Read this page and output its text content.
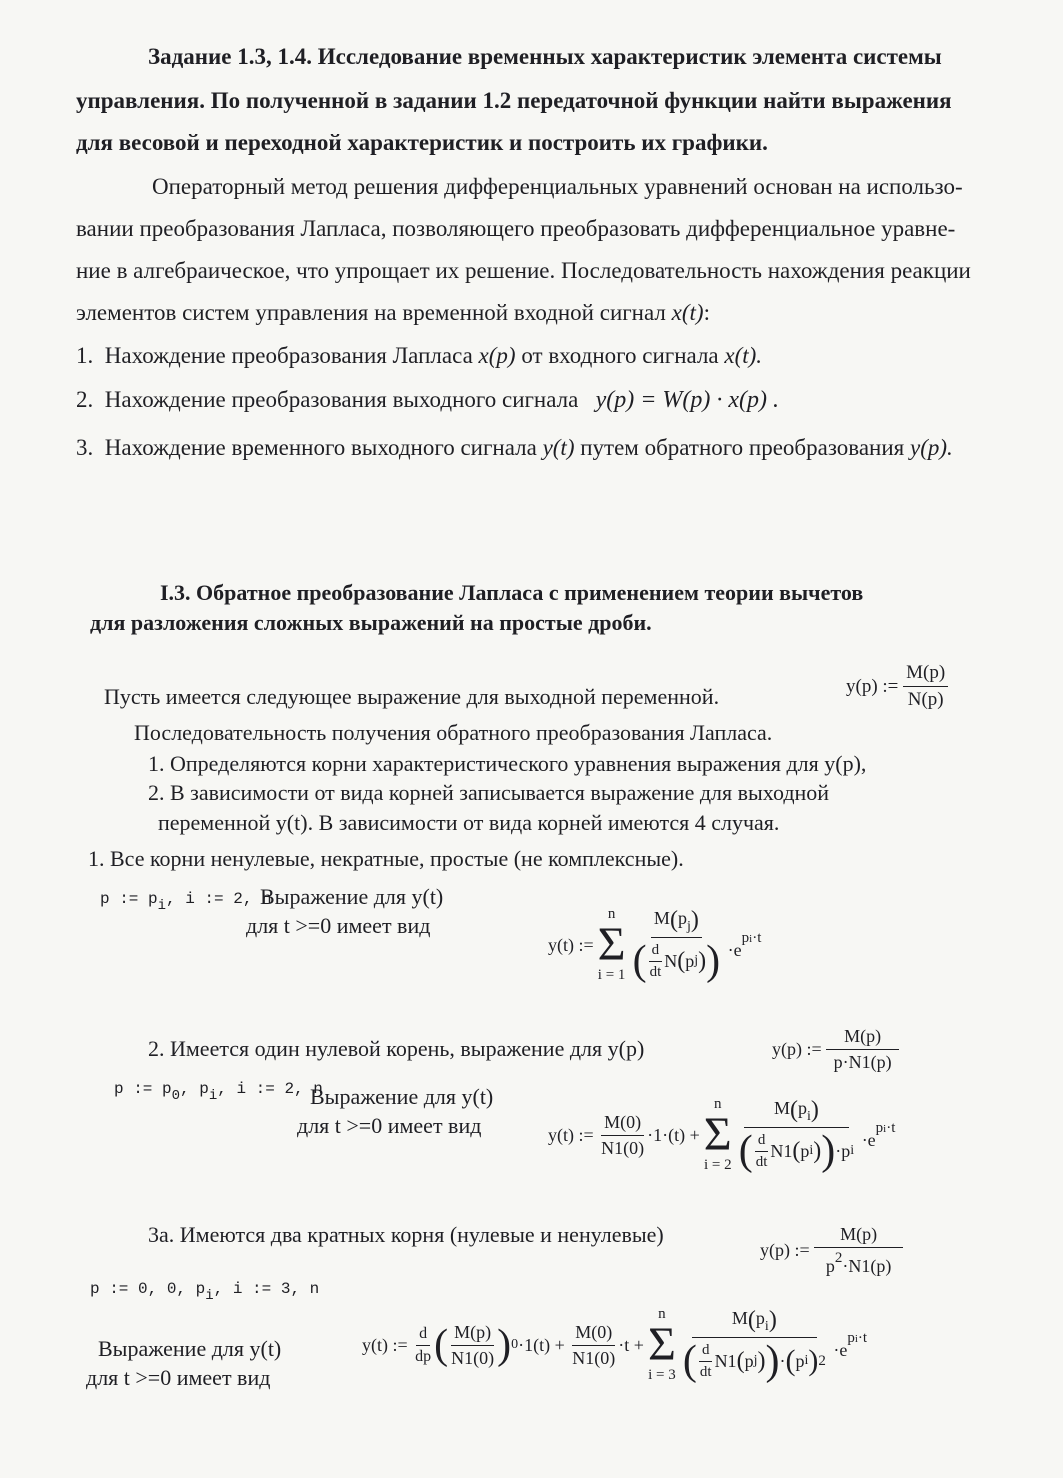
Задание 1.3, 1.4. Исследование временных характеристик элемента системы
управления. По полученной в задании 1.2 передаточной функции найти выражения
для весовой и переходной характеристик и построить их графики.
Операторный метод решения дифференциальных уравнений основан на использо-
вании преобразования Лапласа, позволяющего преобразовать дифференциальное уравне-
ние в алгебраическое, что упрощает их решение. Последовательность нахождения реакции
элементов систем управления на временной входной сигнал x(t):
1. Нахождение преобразования Лапласа x(p) от входного сигнала x(t).
2. Нахождение преобразования выходного сигнала y(p) = W(p) · x(p) .
3. Нахождение временного выходного сигнала y(t) путем обратного преобразования y(p).
I.3. Обратное преобразование Лапласа с применением теории вычетов
для разложения сложных выражений на простые дроби.
Пусть имеется следующее выражение для выходной переменной.
Последовательность получения обратного преобразования Лапласа.
1. Определяются корни характеристического уравнения выражения для y(p),
2. В зависимости от вида корней записывается выражение для выходной
переменной y(t). В зависимости от вида корней имеются 4 случая.
1. Все корни ненулевые, некратные, простые (не комплексные).
y(p) :=
$\frac{M(p)}{N(p)}$
p := pi, i := 2, n
Выражение для y(t)
для t >=0 имеет вид
y(t) :=
n
Σ
$i = 1 \frac{M(p_j)}{( \frac{d}{dt} N ( p j ) )} \cdot e^{pi\cdot t}$
2. Имеется один нулевой корень, выражение для y(p)	y(p) :=
$\frac{M(p)}{p\cdot N1(p)}$
p := p0, pi, i := 2, n
Выражение для y(t)
для t >=0 имеет вид	y(t) :=
$\frac{M(0)}{N1(0)} \cdot 1\cdot(t)$ +
n
Σ
$i = 2 \frac{M(p_i)}{( \frac{d}{dt} N1 ( p i ) ) \cdot p i} \cdot e^{pi\cdot t}$
3а. Имеются два кратных корня (нулевые и ненулевые)
y(p) :=
$\frac{M(p)}{p^2\cdot N1(p)}$
p := 0, 0, pi, i := 3, n
Выражение для y(t)
для t >=0 имеет вид
y(t) :=
$\frac{d}{dp}$ ( $\frac{M(p)}{N1(0)}$ ) 0 ·1(t) +
$\frac{M(0)}{N1(0)} \cdot t$ +
n
Σ
$i = 3 \frac{M(p_i)}{( \frac{d}{dt} N1 ( p j ) ) \cdot ( p i ) 2} \cdot e^{pi\cdot t}$
